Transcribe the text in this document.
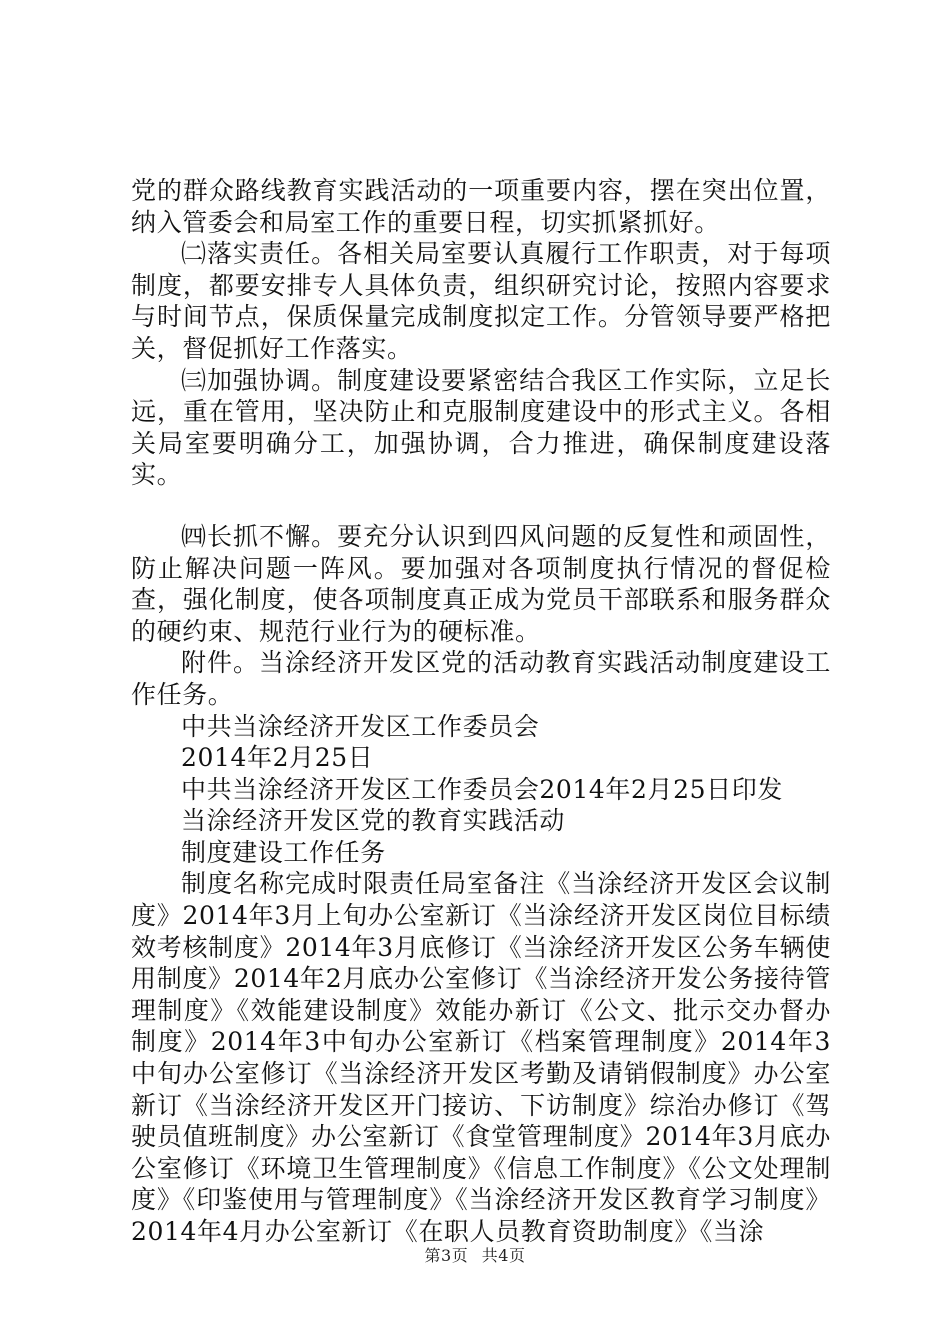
党的群众路线教育实践活动的一项重要内容，摆在突出位置，纳入管委会和局室工作的重要日程，切实抓紧抓好。

㈡落实责任。各相关局室要认真履行工作职责，对于每项制度，都要安排专人具体负责，组织研究讨论，按照内容要求与时间节点，保质保量完成制度拟定工作。分管领导要严格把关，督促抓好工作落实。

㈢加强协调。制度建设要紧密结合我区工作实际，立足长远，重在管用，坚决防止和克服制度建设中的形式主义。各相关局室要明确分工，加强协调，合力推进，确保制度建设落实。

㈣长抓不懈。要充分认识到四风问题的反复性和顽固性，防止解决问题一阵风。要加强对各项制度执行情况的督促检查，强化制度，使各项制度真正成为党员干部联系和服务群众的硬约束、规范行业行为的硬标准。

附件。当涂经济开发区党的活动教育实践活动制度建设工作任务。

中共当涂经济开发区工作委员会

2014年2月25日

中共当涂经济开发区工作委员会2014年2月25日印发

当涂经济开发区党的教育实践活动

制度建设工作任务

制度名称完成时限责任局室备注《当涂经济开发区会议制度》2014年3月上旬办公室新订《当涂经济开发区岗位目标绩效考核制度》2014年3月底修订《当涂经济开发区公务车辆使用制度》2014年2月底办公室修订《当涂经济开发公务接待管理制度》《效能建设制度》效能办新订《公文、批示交办督办制度》2014年3中旬办公室新订《档案管理制度》2014年3中旬办公室修订《当涂经济开发区考勤及请销假制度》办公室新订《当涂经济开发区开门接访、下访制度》综治办修订《驾驶员值班制度》办公室新订《食堂管理制度》2014年3月底办公室修订《环境卫生管理制度》《信息工作制度》《公文处理制度》《印鉴使用与管理制度》《当涂经济开发区教育学习制度》2014年4月办公室新订《在职人员教育资助制度》《当涂

第3页 共4页
